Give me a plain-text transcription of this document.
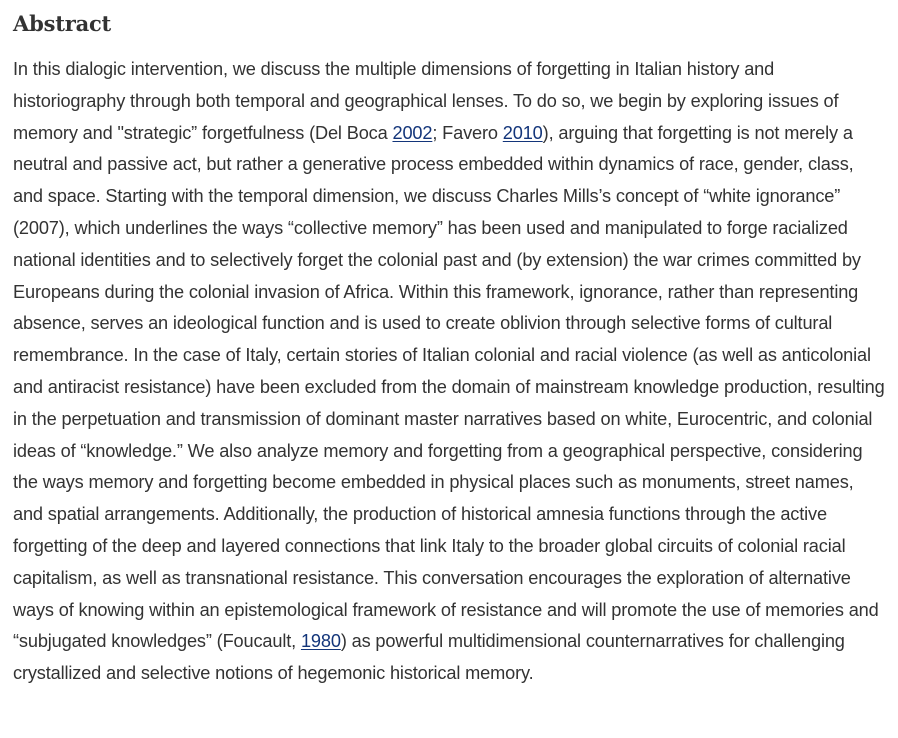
Abstract

In this dialogic intervention, we discuss the multiple dimensions of forgetting in Italian history and historiography through both temporal and geographical lenses. To do so, we begin by exploring issues of memory and "strategic” forgetfulness (Del Boca 2002; Favero 2010), arguing that forgetting is not merely a neutral and passive act, but rather a generative process embedded within dynamics of race, gender, class, and space. Starting with the temporal dimension, we discuss Charles Mills’s concept of “white ignorance” (2007), which underlines the ways “collective memory” has been used and manipulated to forge racialized national identities and to selectively forget the colonial past and (by extension) the war crimes committed by Europeans during the colonial invasion of Africa. Within this framework, ignorance, rather than representing absence, serves an ideological function and is used to create oblivion through selective forms of cultural remembrance. In the case of Italy, certain stories of Italian colonial and racial violence (as well as anticolonial and antiracist resistance) have been excluded from the domain of mainstream knowledge production, resulting in the perpetuation and transmission of dominant master narratives based on white, Eurocentric, and colonial ideas of “knowledge.” We also analyze memory and forgetting from a geographical perspective, considering the ways memory and forgetting become embedded in physical places such as monuments, street names, and spatial arrangements. Additionally, the production of historical amnesia functions through the active forgetting of the deep and layered connections that link Italy to the broader global circuits of colonial racial capitalism, as well as transnational resistance. This conversation encourages the exploration of alternative ways of knowing within an epistemological framework of resistance and will promote the use of memories and “subjugated knowledges” (Foucault, 1980) as powerful multidimensional counternarratives for challenging crystallized and selective notions of hegemonic historical memory.
